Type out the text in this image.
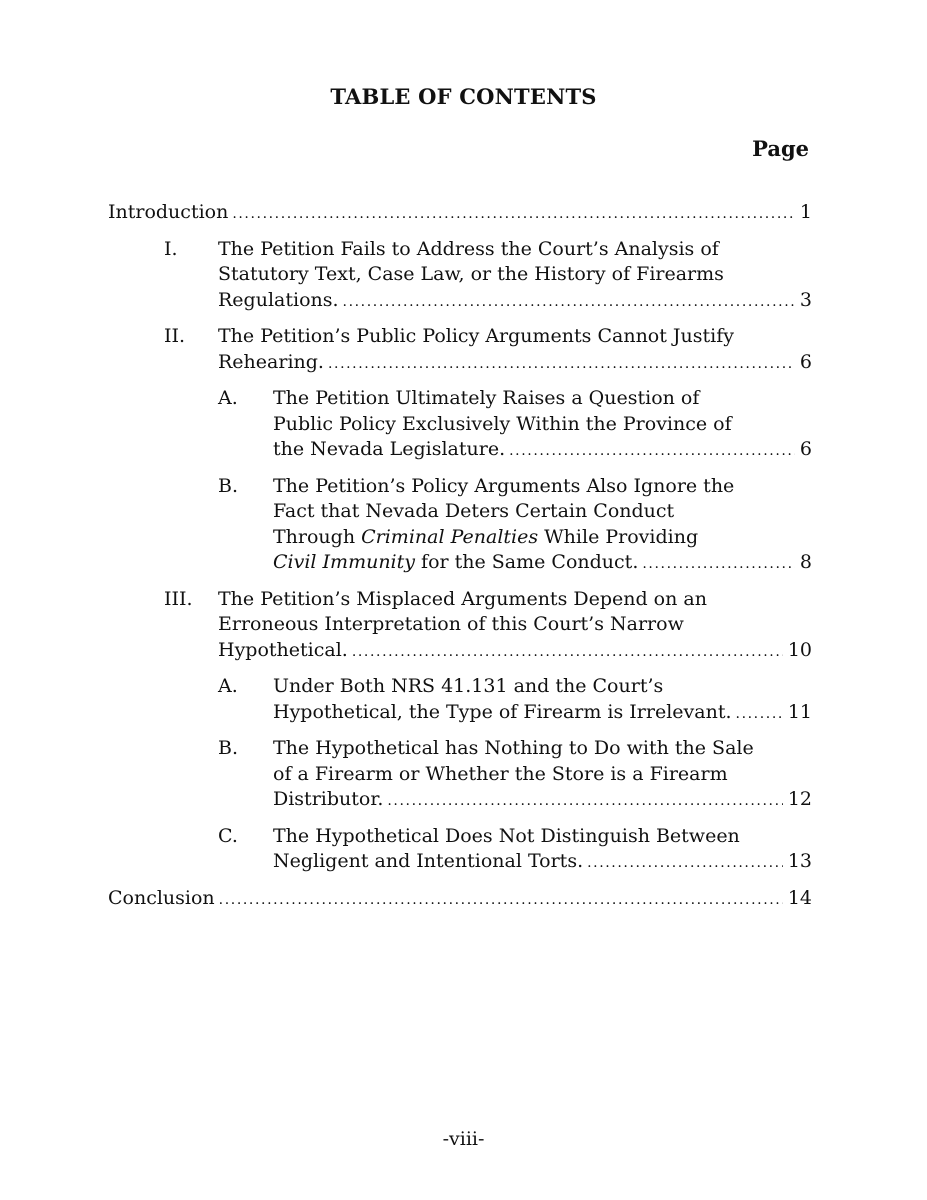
TABLE OF CONTENTS
Page
Introduction .....	1
I. The Petition Fails to Address the Court’s Analysis of
Statutory Text, Case Law, or the History of Firearms
Regulations. .....	3
II. The Petition’s Public Policy Arguments Cannot Justify
Rehearing. .....	6
A. The Petition Ultimately Raises a Question of
Public Policy Exclusively Within the Province of
the Nevada Legislature. .....	6
B. The Petition’s Policy Arguments Also Ignore the
Fact that Nevada Deters Certain Conduct
Through Criminal Penalties While Providing
Civil Immunity for the Same Conduct. .....	8
III. The Petition’s Misplaced Arguments Depend on an
Erroneous Interpretation of this Court’s Narrow
Hypothetical. .....	10
A. Under Both NRS 41.131 and the Court’s
Hypothetical, the Type of Firearm is Irrelevant. .....	11
B. The Hypothetical has Nothing to Do with the Sale
of a Firearm or Whether the Store is a Firearm
Distributor. .....	12
C. The Hypothetical Does Not Distinguish Between
Negligent and Intentional Torts. .....	13
Conclusion .....	14
-viii-
